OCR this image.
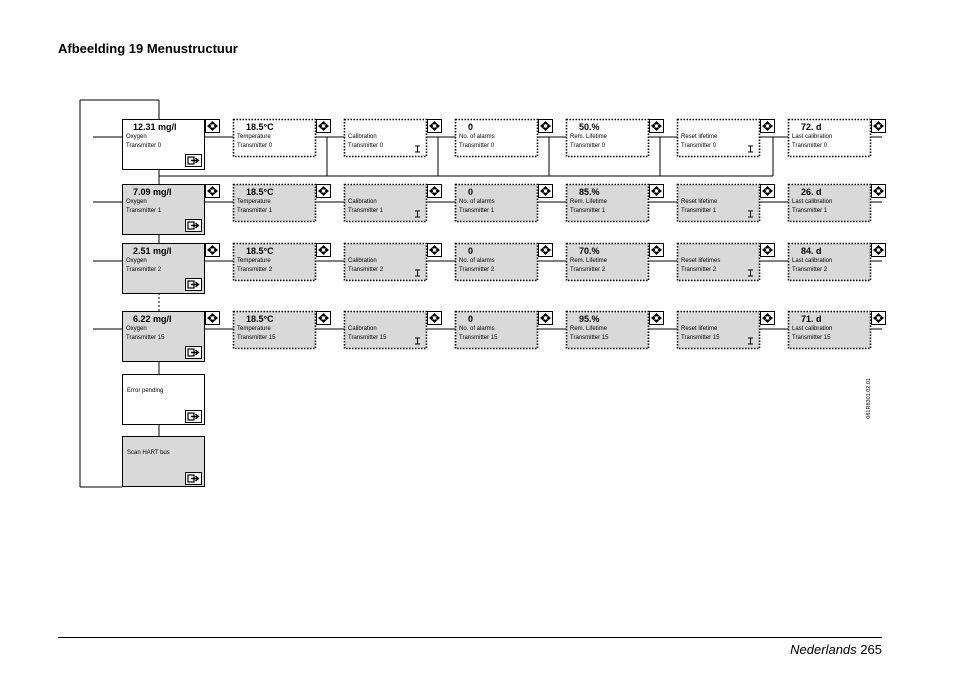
Afbeelding 19 Menustructuur
12.31 mg/l
Oxygen
Transmitter 0
18.5°C
Temperature
Transmitter 0
Calibration
Transmitter 0
0
No. of alarms
Transmitter 0
50.%
Rem. Lifetime
Transmitter 0
Reset lifetime
Transmitter 0
72. d
Last calibration
Transmitter 0
7.09 mg/l
Oxygen
Transmitter 1
18.5°C
Temperature
Transmitter 1
Calibration
Transmitter 1
0
No. of alarms
Transmitter 1
85.%
Rem. Lifetime
Transmitter 1
Reset lifetime
Transmitter 1
26. d
Last calibration
Transmitter 1
2.51 mg/l
Oxygen
Transmitter 2
18.5°C
Temperature
Transmitter 2
Calibration
Transmitter 2
0
No. of alarms
Transmitter 2
70.%
Rem. Lifetime
Transmitter 2
Reset lifetimes
Transmitter 2
84. d
Last calibration
Transmitter 2
6.22 mg/l
Oxygen
Transmitter 15
18.5°C
Temperature
Transmitter 15
Calibration
Transmitter 15
0
No. of alarms
Transmitter 15
95.%
Rem. Lifetime
Transmitter 15
Reset lifetime
Transmitter 15
71. d
Last calibration
Transmitter 15
Error pending
Scan HART bus
081R8301.02.01
Nederlands 265
